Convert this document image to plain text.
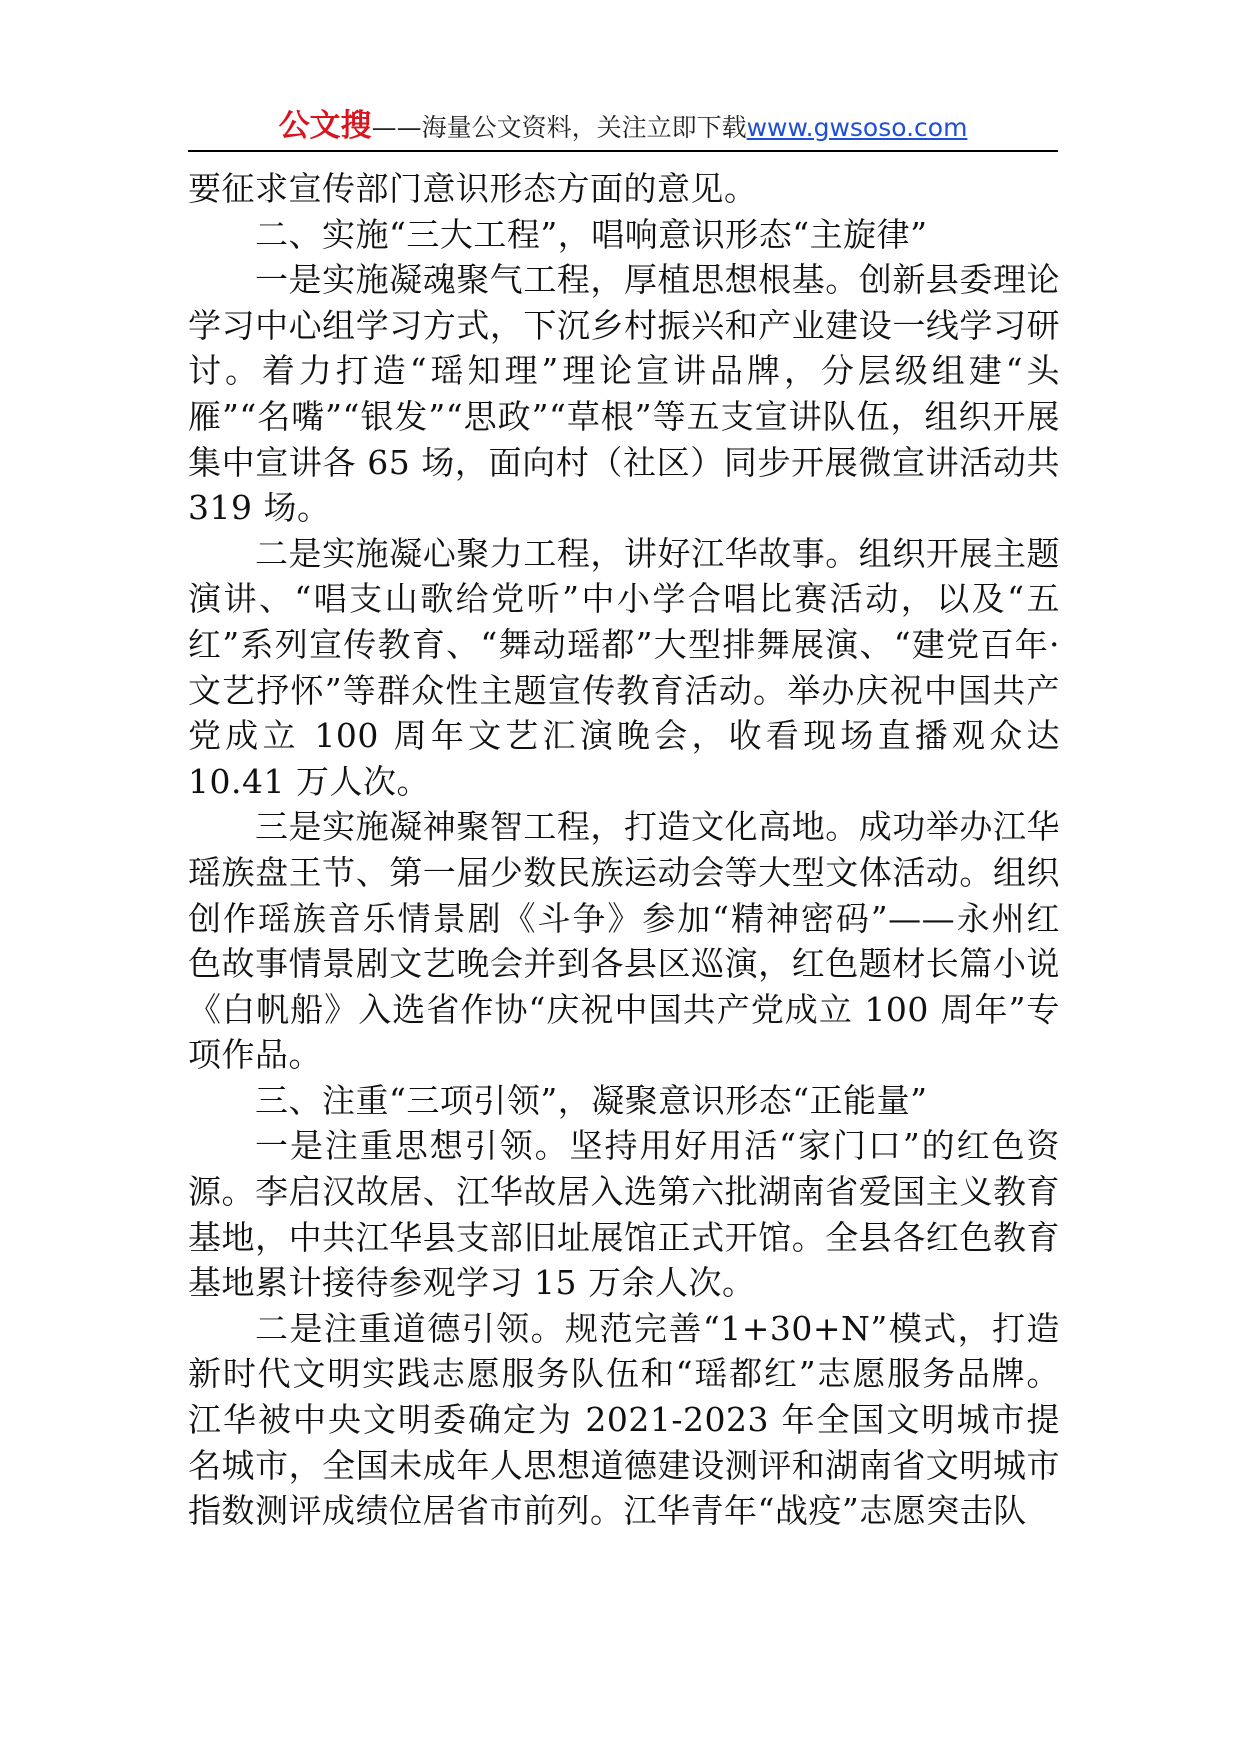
公文搜——海量公文资料，关注立即下载www.gwsoso.com

要征求宣传部门意识形态方面的意见。

二、实施“三大工程”，唱响意识形态“主旋律”

一是实施凝魂聚气工程，厚植思想根基。创新县委理论学习中心组学习方式，下沉乡村振兴和产业建设一线学习研讨。着力打造“瑶知理”理论宣讲品牌，分层级组建“头雁”“名嘴”“银发”“思政”“草根”等五支宣讲队伍，组织开展集中宣讲各 65 场，面向村（社区）同步开展微宣讲活动共 319 场。

二是实施凝心聚力工程，讲好江华故事。组织开展主题演讲、“唱支山歌给党听”中小学合唱比赛活动，以及“五红”系列宣传教育、“舞动瑶都”大型排舞展演、“建党百年·文艺抒怀”等群众性主题宣传教育活动。举办庆祝中国共产党成立 100 周年文艺汇演晚会，收看现场直播观众达 10.41 万人次。

三是实施凝神聚智工程，打造文化高地。成功举办江华瑶族盘王节、第一届少数民族运动会等大型文体活动。组织创作瑶族音乐情景剧《斗争》参加“精神密码”——永州红色故事情景剧文艺晚会并到各县区巡演，红色题材长篇小说《白帆船》入选省作协“庆祝中国共产党成立 100 周年”专项作品。

三、注重“三项引领”，凝聚意识形态“正能量”

一是注重思想引领。坚持用好用活“家门口”的红色资源。李启汉故居、江华故居入选第六批湖南省爱国主义教育基地，中共江华县支部旧址展馆正式开馆。全县各红色教育基地累计接待参观学习 15 万余人次。

二是注重道德引领。规范完善“1+30+N”模式，打造新时代文明实践志愿服务队伍和“瑶都红”志愿服务品牌。江华被中央文明委确定为 2021-2023 年全国文明城市提名城市，全国未成年人思想道德建设测评和湖南省文明城市指数测评成绩位居省市前列。江华青年“战疫”志愿突击队
